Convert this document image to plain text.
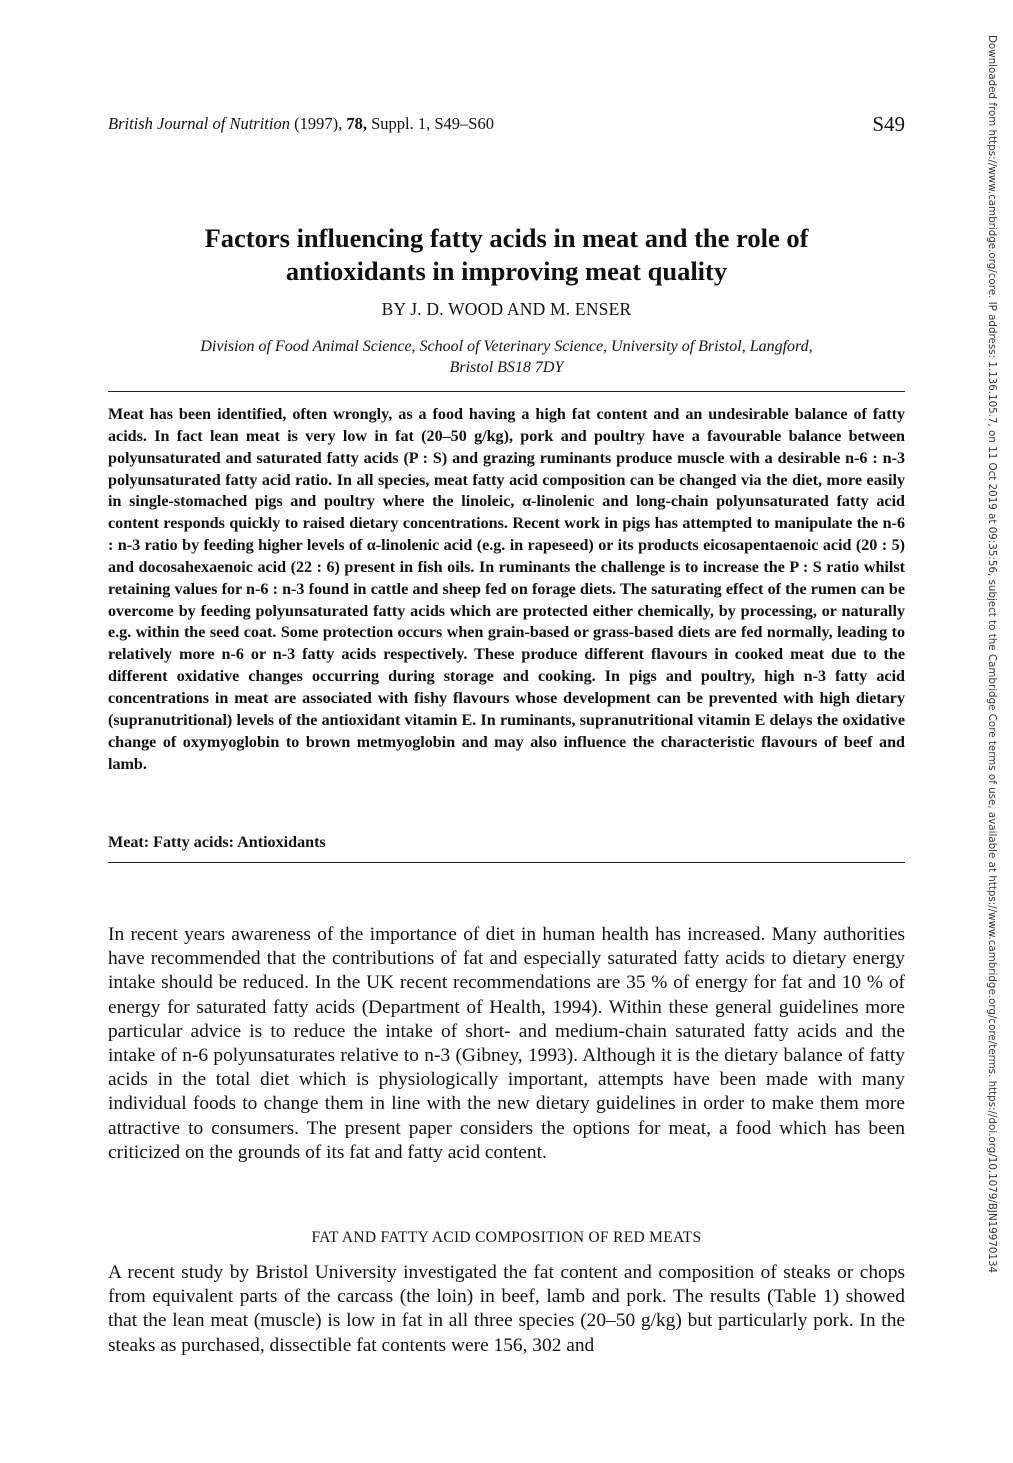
British Journal of Nutrition (1997), 78, Suppl. 1, S49–S60	S49
Factors influencing fatty acids in meat and the role of
antioxidants in improving meat quality
BY J. D. WOOD AND M. ENSER
Division of Food Animal Science, School of Veterinary Science, University of Bristol, Langford,
Bristol BS18 7DY
Meat has been identified, often wrongly, as a food having a high fat content and an undesirable balance of fatty acids. In fact lean meat is very low in fat (20–50 g/kg), pork and poultry have a favourable balance between polyunsaturated and saturated fatty acids (P : S) and grazing ruminants produce muscle with a desirable n-6 : n-3 polyunsaturated fatty acid ratio. In all species, meat fatty acid composition can be changed via the diet, more easily in single-stomached pigs and poultry where the linoleic, α-linolenic and long-chain polyunsaturated fatty acid content responds quickly to raised dietary concentrations. Recent work in pigs has attempted to manipulate the n-6 : n-3 ratio by feeding higher levels of α-linolenic acid (e.g. in rapeseed) or its products eicosapentaenoic acid (20 : 5) and docosahexaenoic acid (22 : 6) present in fish oils. In ruminants the challenge is to increase the P : S ratio whilst retaining values for n-6 : n-3 found in cattle and sheep fed on forage diets. The saturating effect of the rumen can be overcome by feeding polyunsaturated fatty acids which are protected either chemically, by processing, or naturally e.g. within the seed coat. Some protection occurs when grain-based or grass-based diets are fed normally, leading to relatively more n-6 or n-3 fatty acids respectively. These produce different flavours in cooked meat due to the different oxidative changes occurring during storage and cooking. In pigs and poultry, high n-3 fatty acid concentrations in meat are associated with fishy flavours whose development can be prevented with high dietary (supranutritional) levels of the antioxidant vitamin E. In ruminants, supranutritional vitamin E delays the oxidative change of oxymyoglobin to brown metmyoglobin and may also influence the characteristic flavours of beef and lamb.
Meat: Fatty acids: Antioxidants
In recent years awareness of the importance of diet in human health has increased. Many authorities have recommended that the contributions of fat and especially saturated fatty acids to dietary energy intake should be reduced. In the UK recent recommendations are 35 % of energy for fat and 10 % of energy for saturated fatty acids (Department of Health, 1994). Within these general guidelines more particular advice is to reduce the intake of short- and medium-chain saturated fatty acids and the intake of n-6 polyunsaturates relative to n-3 (Gibney, 1993). Although it is the dietary balance of fatty acids in the total diet which is physiologically important, attempts have been made with many individual foods to change them in line with the new dietary guidelines in order to make them more attractive to consumers. The present paper considers the options for meat, a food which has been criticized on the grounds of its fat and fatty acid content.
FAT AND FATTY ACID COMPOSITION OF RED MEATS
A recent study by Bristol University investigated the fat content and composition of steaks or chops from equivalent parts of the carcass (the loin) in beef, lamb and pork. The results (Table 1) showed that the lean meat (muscle) is low in fat in all three species (20–50 g/kg) but particularly pork. In the steaks as purchased, dissectible fat contents were 156, 302 and
Downloaded from https://www.cambridge.org/core. IP address: 1.136.105.7, on 11 Oct 2019 at 09:35:56, subject to the Cambridge Core terms of use, available at https://www.cambridge.org/core/terms. https://doi.org/10.1079/BJN19970134
